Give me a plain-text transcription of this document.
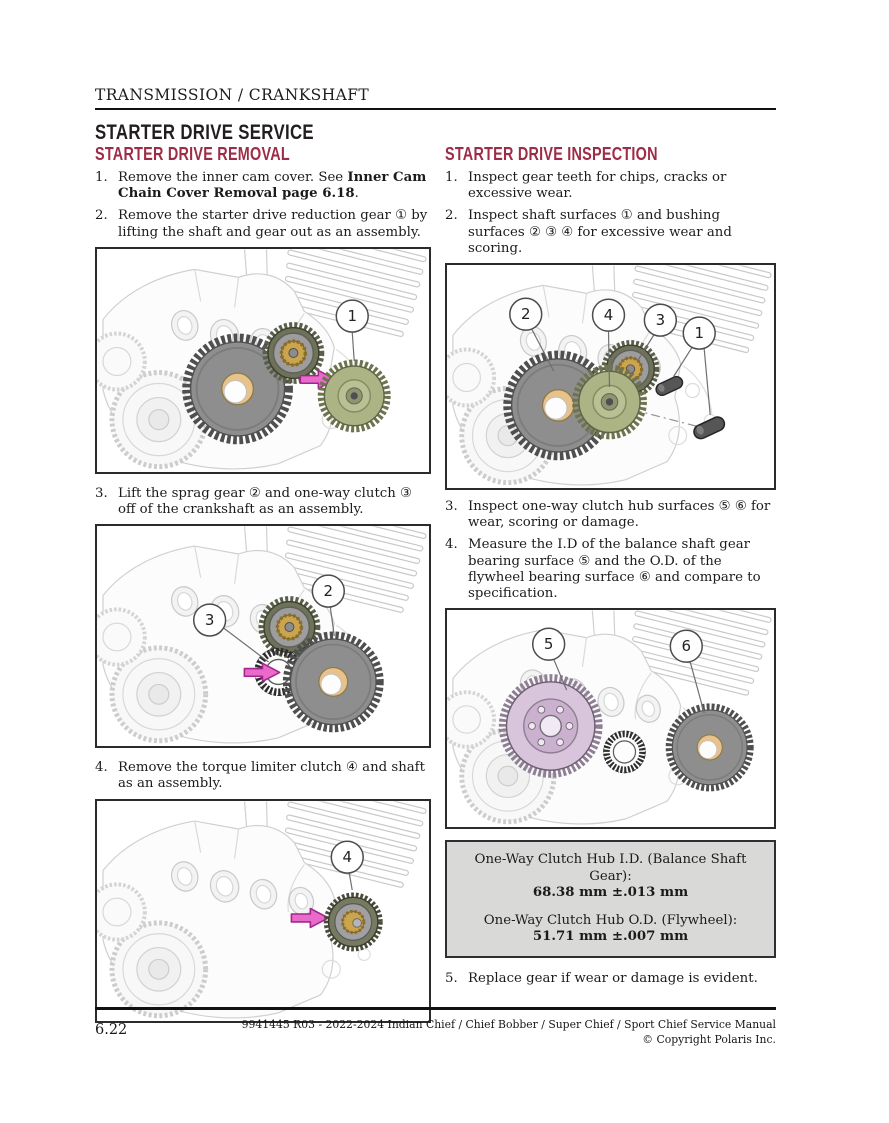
TRANSMISSION / CRANKSHAFT
STARTER DRIVE SERVICE
STARTER DRIVE REMOVAL
1. Remove the inner cam cover. See Inner Cam Chain Cover Removal page 6.18.
2. Remove the starter drive reduction gear ① by lifting the shaft and gear out as an assembly.
1
3. Lift the sprag gear ② and one-way clutch ③ off of the crankshaft as an assembly.
3
2
4. Remove the torque limiter clutch ④ and shaft as an assembly.
4
STARTER DRIVE INSPECTION
1. Inspect gear teeth for chips, cracks or excessive wear.
2. Inspect shaft surfaces ① and bushing surfaces ② ③ ④ for excessive wear and scoring.
2	4	3
1
3. Inspect one-way clutch hub surfaces ⑤ ⑥ for wear, scoring or damage.
4. Measure the I.D of the balance shaft gear bearing surface ⑤ and the O.D. of the flywheel bearing surface ⑥ and compare to specification.
5	6
One-Way Clutch Hub I.D. (Balance Shaft Gear):
68.38 mm ±.013 mm
One-Way Clutch Hub O.D. (Flywheel):
51.71 mm ±.007 mm
5. Replace gear if wear or damage is evident.
6.22	9941445 R03 - 2022-2024 Indian Chief / Chief Bobber / Super Chief / Sport Chief Service Manual
© Copyright Polaris Inc.
